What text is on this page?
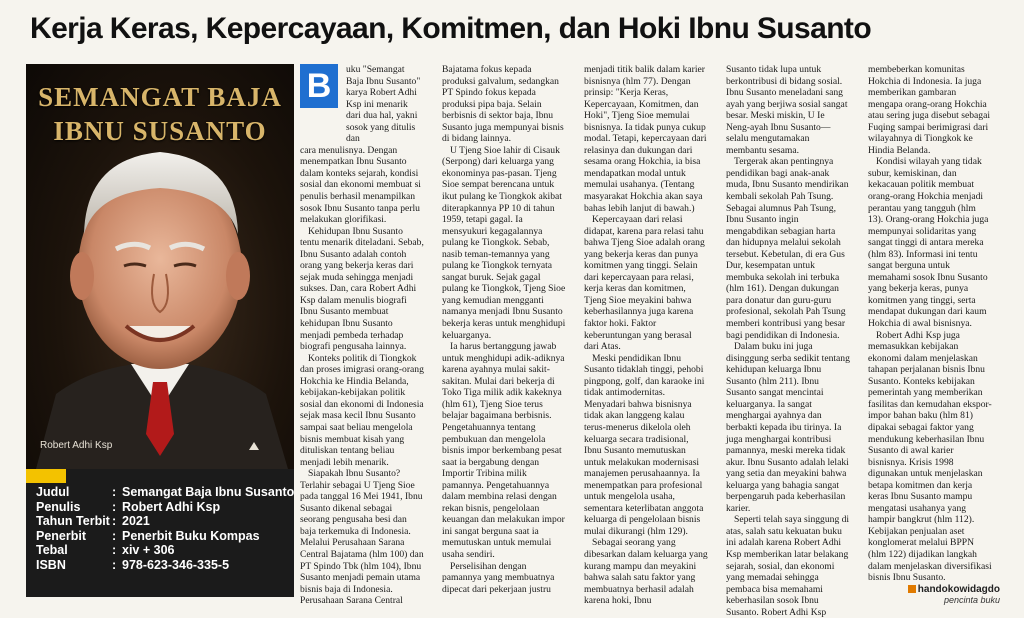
Kerja Keras, Kepercayaan, Komitmen, dan Hoki Ibnu Susanto
SEMANGAT BAJA
IBNU SUSANTO
Robert Adhi Ksp
Judul	: Semangat Baja Ibnu Susanto
Penulis	: Robert Adhi Ksp
Tahun Terbit : 2021
Penerbit	: Penerbit Buku Kompas
Tebal	: xiv + 306
ISBN	: 978-623-346-335-5
B	uku "Semangat Baja Ibnu Susanto" karya Robert Adhi Ksp ini menarik dari dua hal, yakni sosok yang ditulis dan

cara menulisnya. Dengan menempatkan Ibnu Susanto dalam konteks sejarah, kondisi sosial dan ekonomi membuat si penulis berhasil menampilkan sosok Ibnu Susanto tanpa perlu melakukan glorifikasi.

Kehidupan Ibnu Susanto tentu menarik diteladani. Sebab, Ibnu Susanto adalah contoh orang yang bekerja keras dari sejak muda sehingga menjadi sukses. Dan, cara Robert Adhi Ksp dalam menulis biografi Ibnu Susanto membuat kehidupan Ibnu Susanto menjadi pembeda terhadap biografi pengusaha lainnya.

Konteks politik di Tiongkok dan proses imigrasi orang-orang Hokchia ke Hindia Belanda, kebijakan-kebijakan politik sosial dan ekonomi di Indonesia sejak masa kecil Ibnu Susanto sampai saat beliau mengelola bisnis membuat kisah yang dituliskan tentang beliau menjadi lebih menarik.

Siapakah Ibnu Susanto? Terlahir sebagai U Tjeng Sioe pada tanggal 16 Mei 1941, Ibnu Susanto dikenal sebagai seorang pengusaha besi dan baja terkemuka di Indonesia. Melalui Perusahaan Sarana Central Bajatama (hlm 100) dan PT Spindo Tbk (hlm 104), Ibnu Susanto menjadi pemain utama bisnis baja di Indonesia. Perusahaan Sarana Central

Bajatama fokus kepada produksi galvalum, sedangkan PT Spindo fokus kepada produksi pipa baja. Selain berbisnis di sektor baja, Ibnu Susanto juga mempunyai bisnis di bidang lainnya.

U Tjeng Sioe lahir di Cisauk (Serpong) dari keluarga yang ekonominya pas-pasan. Tjeng Sioe sempat berencana untuk ikut pulang ke Tiongkok akibat diterapkannya PP 10 di tahun 1959, tetapi gagal. Ia mensyukuri kegagalannya pulang ke Tiongkok. Sebab, nasib teman-temannya yang pulang ke Tiongkok ternyata sangat buruk. Sejak gagal pulang ke Tiongkok, Tjeng Sioe yang kemudian mengganti namanya menjadi Ibnu Susanto bekerja keras untuk menghidupi keluarganya.

Ia harus bertanggung jawab untuk menghidupi adik-adiknya karena ayahnya mulai sakit-sakitan. Mulai dari bekerja di Toko Tiga milik adik kakeknya (hlm 61), Tjeng Sioe terus belajar bagaimana berbisnis. Pengetahuannya tentang pembukuan dan mengelola bisnis impor berkembang pesat saat ia bergabung dengan Importir Tribina milik pamannya. Pengetahuannya dalam membina relasi dengan rekan bisnis, pengelolaan keuangan dan melakukan impor ini sangat berguna saat ia memutuskan untuk memulai usaha sendiri.

Perselisihan dengan pamannya yang membuatnya dipecat dari pekerjaan justru

menjadi titik balik dalam karier bisnisnya (hlm 77). Dengan prinsip: "Kerja Keras, Kepercayaan, Komitmen, dan Hoki", Tjeng Sioe memulai bisnisnya. Ia tidak punya cukup modal. Tetapi, kepercayaan dari relasinya dan dukungan dari sesama orang Hokchia, ia bisa mendapatkan modal untuk memulai usahanya. (Tentang masyarakat Hokchia akan saya bahas lebih lanjut di bawah.)

Kepercayaan dari relasi didapat, karena para relasi tahu bahwa Tjeng Sioe adalah orang yang bekerja keras dan punya komitmen yang tinggi. Selain dari kepercayaan para relasi, kerja keras dan komitmen, Tjeng Sioe meyakini bahwa keberhasilannya juga karena faktor hoki. Faktor keberuntungan yang berasal dari Atas.

Meski pendidikan Ibnu Susanto tidaklah tinggi, pehobi pingpong, golf, dan karaoke ini tidak antimodernitas. Menyadari bahwa bisnisnya tidak akan langgeng kalau terus-menerus dikelola oleh keluarga secara tradisional, Ibnu Susanto memutuskan untuk melakukan modernisasi manajemen perusahaannya. Ia menempatkan para profesional untuk mengelola usaha, sementara keterlibatan anggota keluarga di pengelolaan bisnis mulai dikurangi (hlm 129).

Sebagai seorang yang dibesarkan dalam keluarga yang kurang mampu dan meyakini bahwa salah satu faktor yang membuatnya berhasil adalah karena hoki, Ibnu

Susanto tidak lupa untuk berkontribusi di bidang sosial. Ibnu Susanto meneladani sang ayah yang berjiwa sosial sangat besar. Meski miskin, U Ie Neng-ayah Ibnu Susanto—selalu mengutamakan membantu sesama.

Tergerak akan pentingnya pendidikan bagi anak-anak muda, Ibnu Susanto mendirikan kembali sekolah Pah Tsung. Sebagai alumnus Pah Tsung, Ibnu Susanto ingin mengabdikan sebagian harta dan hidupnya melalui sekolah tersebut. Kebetulan, di era Gus Dur, kesempatan untuk membuka sekolah ini terbuka (hlm 161). Dengan dukungan para donatur dan guru-guru profesional, sekolah Pah Tsung memberi kontribusi yang besar bagi pendidikan di Indonesia.

Dalam buku ini juga disinggung serba sedikit tentang kehidupan keluarga Ibnu Susanto (hlm 211). Ibnu Susanto sangat mencintai keluarganya. Ia sangat menghargai ayahnya dan berbakti kepada ibu tirinya. Ia juga menghargai kontribusi pamannya, meski mereka tidak akur. Ibnu Susanto adalah lelaki yang setia dan meyakini bahwa keluarga yang bahagia sangat berpengaruh pada keberhasilan karier.

Seperti telah saya singgung di atas, salah satu kekuatan buku ini adalah karena Robert Adhi Ksp memberikan latar belakang sejarah, sosial, dan ekonomi yang memadai sehingga pembaca bisa memahami keberhasilan sosok Ibnu Susanto. Robert Adhi Ksp

membeberkan komunitas Hokchia di Indonesia. Ia juga memberikan gambaran mengapa orang-orang Hokchia atau sering juga disebut sebagai Fuqing sampai berimigrasi dari wilayahnya di Tiongkok ke Hindia Belanda.

Kondisi wilayah yang tidak subur, kemiskinan, dan kekacauan politik membuat orang-orang Hokchia menjadi perantau yang tangguh (hlm 13). Orang-orang Hokchia juga mempunyai solidaritas yang sangat tinggi di antara mereka (hlm 83). Informasi ini tentu sangat berguna untuk memahami sosok Ibnu Susanto yang bekerja keras, punya komitmen yang tinggi, serta mendapat dukungan dari kaum Hokchia di awal bisnisnya.

Robert Adhi Ksp juga memasukkan kebijakan ekonomi dalam menjelaskan tahapan perjalanan bisnis Ibnu Susanto. Konteks kebijakan pemerintah yang memberikan fasilitas dan kemudahan ekspor-impor bahan baku (hlm 81) dipakai sebagai faktor yang mendukung keberhasilan Ibnu Susanto di awal karier bisnisnya. Krisis 1998 digunakan untuk menjelaskan betapa komitmen dan kerja keras Ibnu Susanto mampu mengatasi usahanya yang hampir bangkrut (hlm 112). Kebijakan penjualan aset konglomerat melalui BPPN (hlm 122) dijadikan langkah dalam menjelaskan diversifikasi bisnis Ibnu Susanto.

handokowidagdo
pencinta buku
